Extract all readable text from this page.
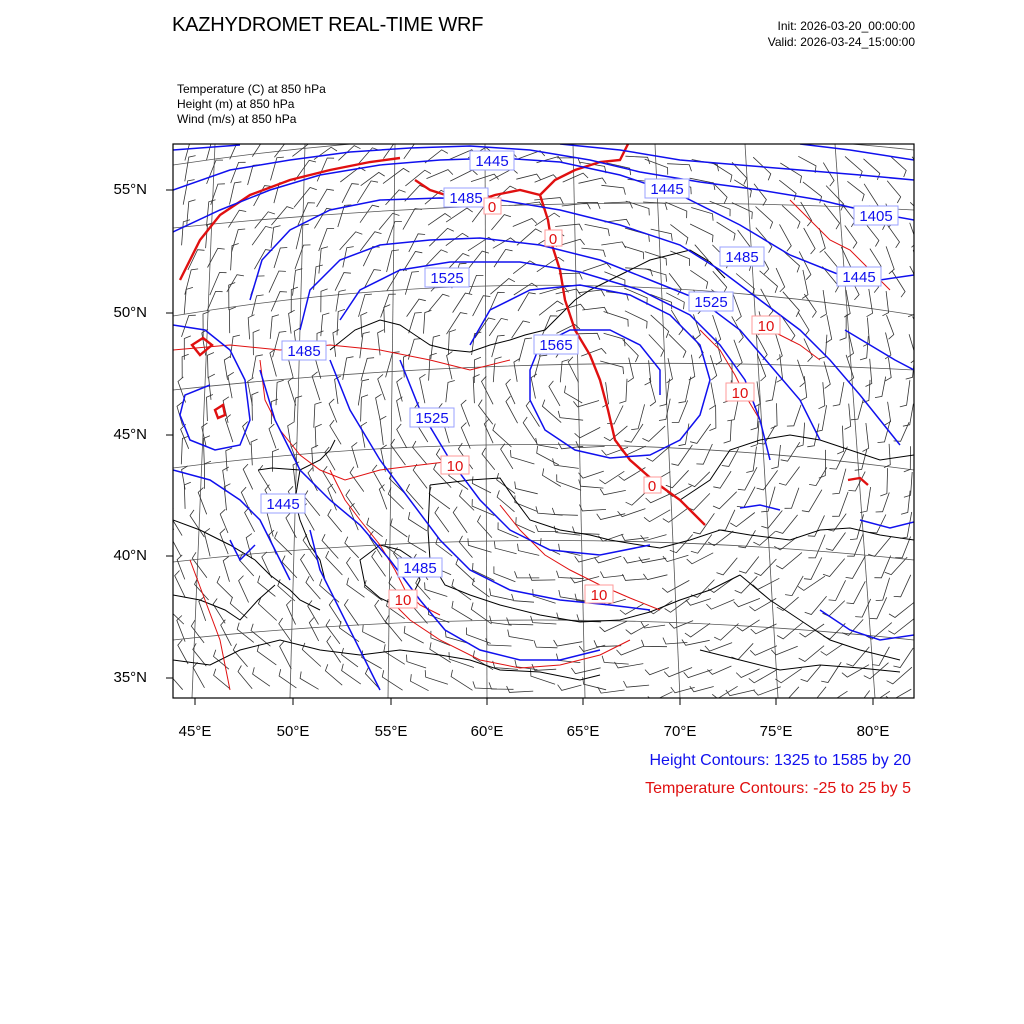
KAZHYDROMET REAL-TIME WRF	Init: 2026-03-20_00:00:00
Valid: 2026-03-24_15:00:00
Temperature (C) at 850 hPa
Height (m) at 850 hPa
Wind (m/s) at 850 hPa
1445
1485
1445
1405
1485
1445
1525
1525
1565
1485
1525
1445
1485
0
0
10
10
10
0
10
10
55°N
50°N
45°N
40°N
35°N
45°E	50°E	55°E	60°E	65°E	70°E	75°E	80°E
Height Contours: 1325 to 1585 by 20
Temperature Contours: -25 to 25 by 5
